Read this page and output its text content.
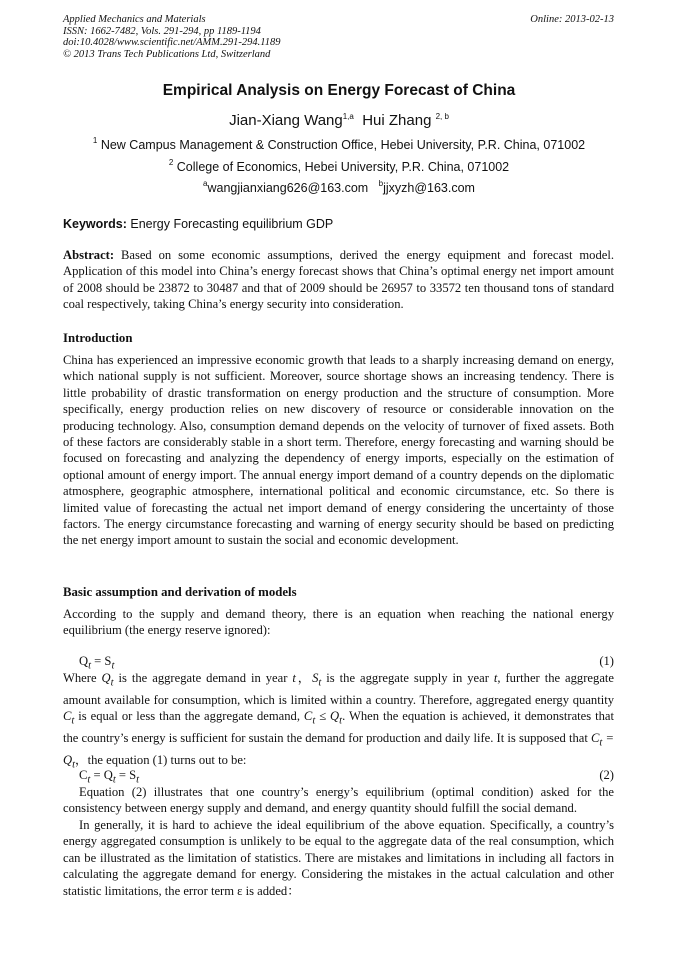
Applied Mechanics and Materials
ISSN: 1662-7482, Vols. 291-294, pp 1189-1194
doi:10.4028/www.scientific.net/AMM.291-294.1189
© 2013 Trans Tech Publications Ltd, Switzerland
Online: 2013-02-13
Empirical Analysis on Energy Forecast of China
Jian-Xiang Wang$^{1,a}$ Hui Zhang $^{2, b}$
$^1$ New Campus Management & Construction Office, Hebei University, P.R. China, 071002
$^2$ College of Economics, Hebei University, P.R. China, 071002
$^a$wangjianxiang626@163.com $^b$jjxyzh@163.com
Keywords: Energy Forecasting equilibrium GDP
Abstract: Based on some economic assumptions, derived the energy equipment and forecast model. Application of this model into China’s energy forecast shows that China’s optimal energy net import amount of 2008 should be 23872 to 30487 and that of 2009 should be 26957 to 33572 ten thousand tons of standard coal respectively, taking China’s energy security into consideration.
Introduction
China has experienced an impressive economic growth that leads to a sharply increasing demand on energy, which national supply is not sufficient. Moreover, source shortage shows an increasing tendency. There is little probability of drastic transformation on energy production and the structure of consumption. More specifically, energy production relies on new discovery of resource or considerable innovation on the producing technology. Also, consumption demand depends on the velocity of turnover of fixed assets. Both of these factors are considerably stable in a short term. Therefore, energy forecasting and warning should be focused on forecasting and analyzing the dependency of energy imports, especially on the estimation of optional amount of energy import. The annual energy import demand of a country depends on the diplomatic atmosphere, geographic atmosphere, international political and economic circumstance, etc. So there is limited value of forecasting the actual net import demand of energy considering the uncertainty of those factors. The energy circumstance forecasting and warning of energy security should be based on predicting the net energy import amount to sustain the social and economic development.
Basic assumption and derivation of models
According to the supply and demand theory, there is an equation when reaching the national energy equilibrium (the energy reserve ignored):
$Q_t = S_t$	(1)
Where $Q_t$ is the aggregate demand in year t，$S_t$ is the aggregate supply in year t, further the aggregate amount available for consumption, which is limited within a country. Therefore, aggregated energy quantity $C_t$ is equal or less than the aggregate demand, $C_t \le Q_t$. When the equation is achieved, it demonstrates that the country’s energy is sufficient for sustain the demand for production and daily life. It is supposed that $C_t = Q_t$，the equation (1) turns out to be:
$C_t = Q_t = S_t$	(2)
Equation (2) illustrates that one country’s energy’s equilibrium (optimal condition) asked for the consistency between energy supply and demand, and energy quantity should fulfill the social demand.
In generally, it is hard to achieve the ideal equilibrium of the above equation. Specifically, a country’s energy aggregated consumption is unlikely to be equal to the aggregate data of the real consumption, which can be illustrated as the limitation of statistics. There are mistakes and limitations in including all factors in calculating the aggregate demand for energy. Considering the mistakes in the actual calculation and other statistic limitations, the error term ε is added：
